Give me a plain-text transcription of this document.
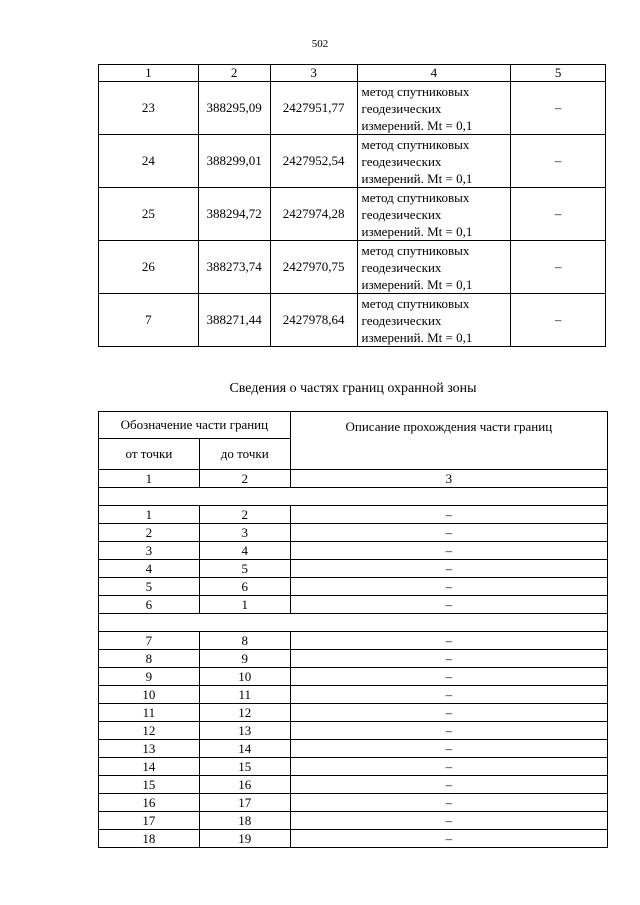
502
1	2	3	4	5
23	388295,09	2427951,77	метод спутниковых
геодезических
измерений. Mt = 0,1	–
24	388299,01	2427952,54	метод спутниковых
геодезических
измерений. Mt = 0,1	–
25	388294,72	2427974,28	метод спутниковых
геодезических
измерений. Mt = 0,1	–
26	388273,74	2427970,75	метод спутниковых
геодезических
измерений. Mt = 0,1	–
7	388271,44	2427978,64	метод спутниковых
геодезических
измерений. Mt = 0,1	–
Сведения о частях границ охранной зоны
Обозначение части границ		Описание прохождения части границ
от точки	до точки	
1	2	3

1	2	–
2	3	–
3	4	–
4	5	–
5	6	–
6	1	–

7	8	–
8	9	–
9	10	–
10	11	–
11	12	–
12	13	–
13	14	–
14	15	–
15	16	–
16	17	–
17	18	–
18	19	–
